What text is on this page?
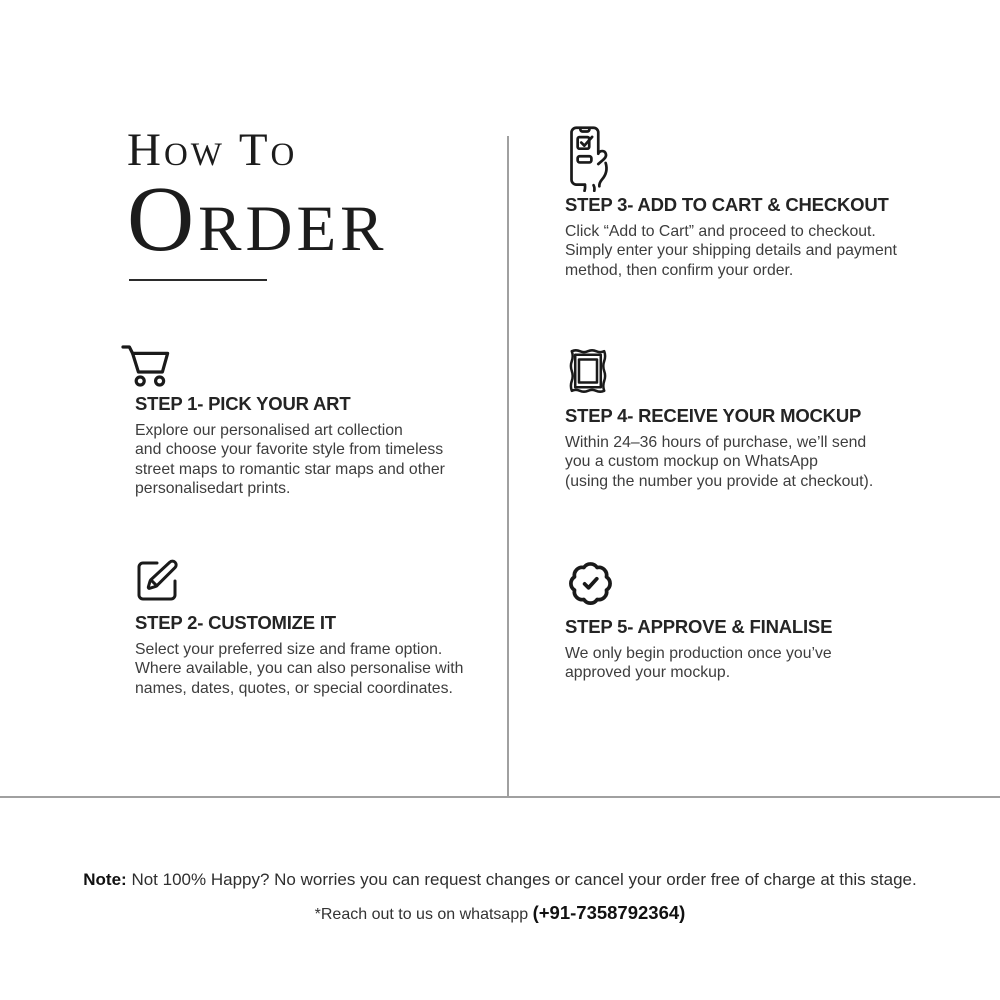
How To
Order
STEP 1- PICK YOUR ART

Explore our personalised art collection
and choose your favorite style from timeless
street maps to romantic star maps and other
personalisedart prints.

STEP 2- CUSTOMIZE IT

Select your preferred size and frame option.
Where available, you can also personalise with
names, dates, quotes, or special coordinates.

STEP 3- ADD TO CART & CHECKOUT

Click “Add to Cart” and proceed to checkout.
Simply enter your shipping details and payment
method, then confirm your order.

STEP 4- RECEIVE YOUR MOCKUP

Within 24–36 hours of purchase, we’ll send
you a custom mockup on WhatsApp
(using the number you provide at checkout).

STEP 5- APPROVE & FINALISE

We only begin production once you’ve
approved your mockup.

Note: Not 100% Happy? No worries you can request changes or cancel your order free of charge at this stage.
*Reach out to us on whatsapp (+91-7358792364)
